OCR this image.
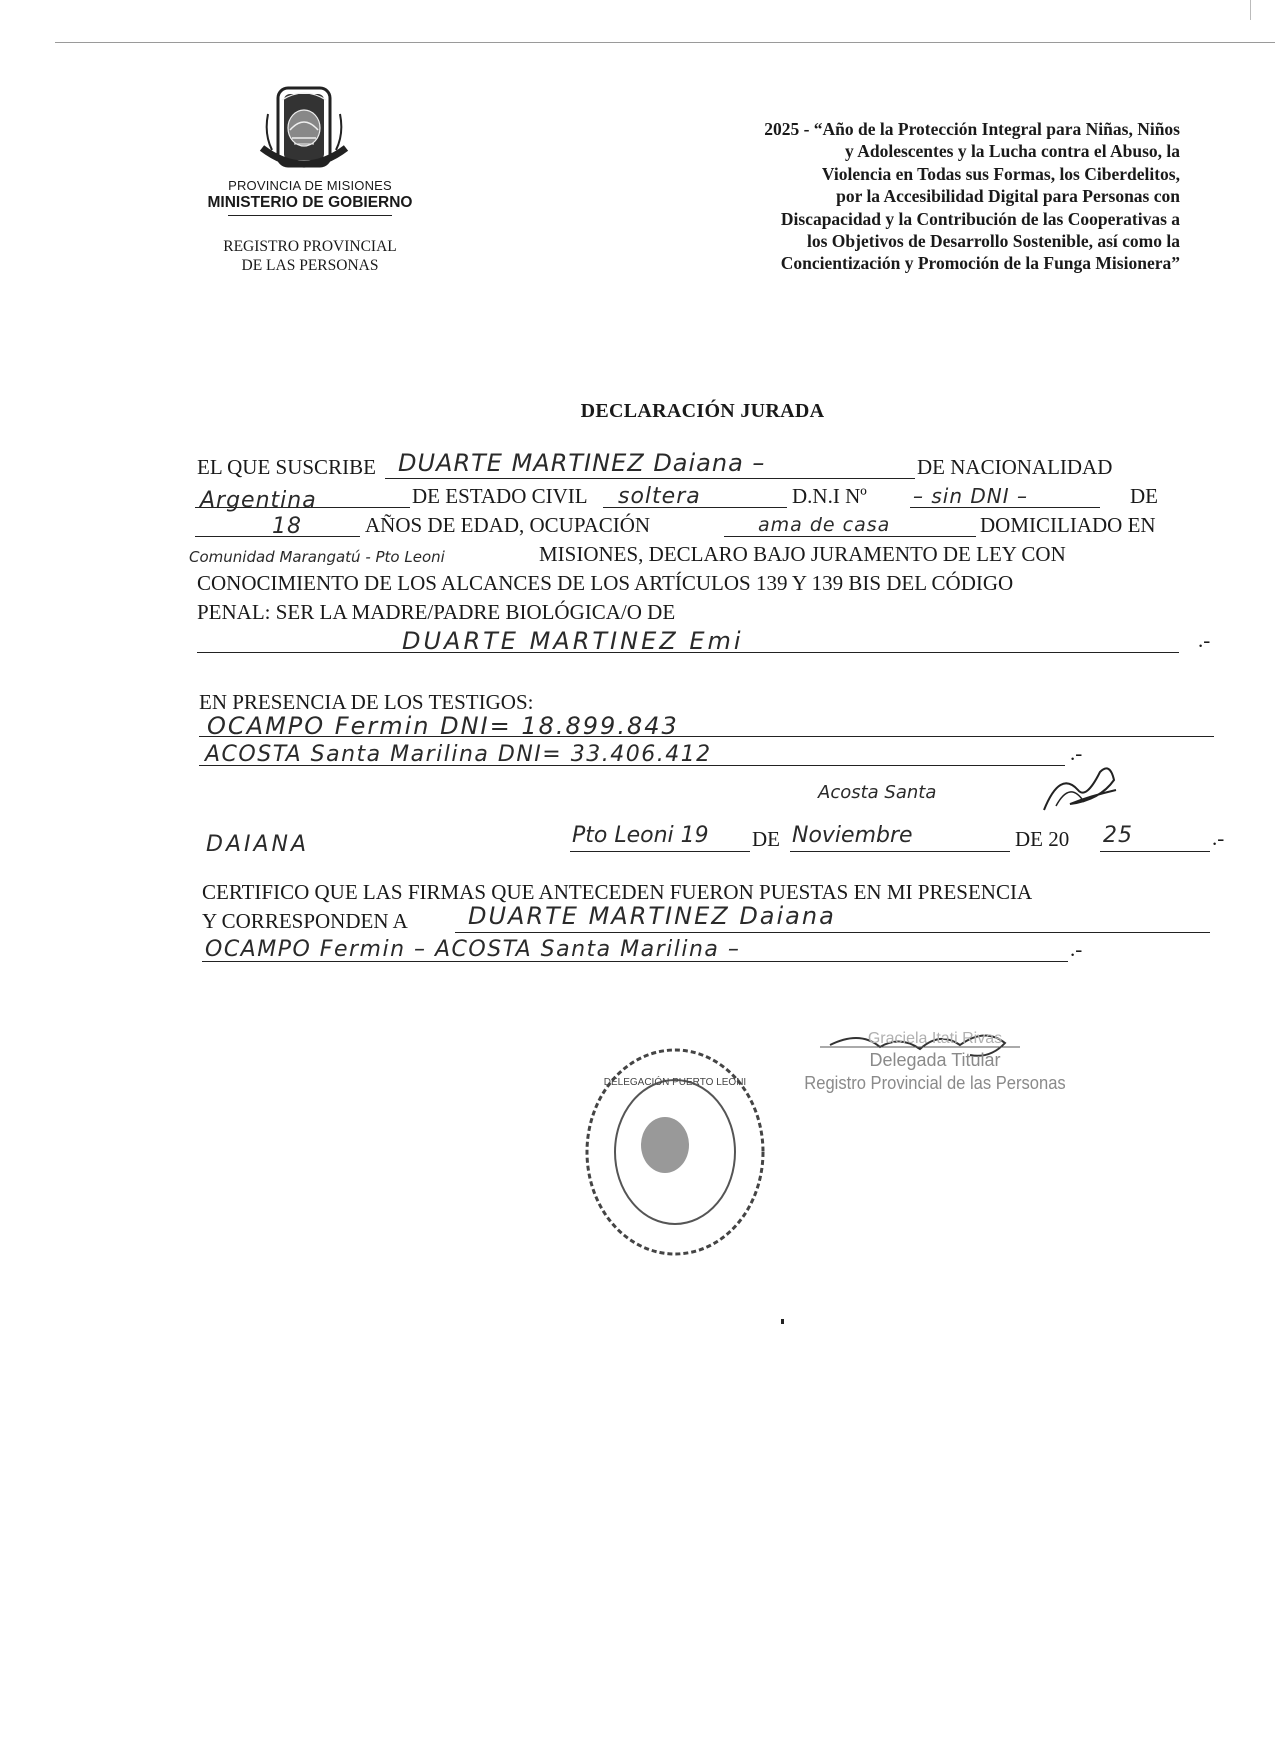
PROVINCIA DE MISIONES
MINISTERIO DE GOBIERNO
REGISTRO PROVINCIAL
DE LAS PERSONAS
2025 - “Año de la Protección Integral para Niñas, Niños
y Adolescentes y la Lucha contra el Abuso, la
Violencia en Todas sus Formas, los Ciberdelitos,
por la Accesibilidad Digital para Personas con
Discapacidad y la Contribución de las Cooperativas a
los Objetivos de Desarrollo Sostenible, así como la
Concientización y Promoción de la Funga Misionera”
DECLARACIÓN JURADA
EL QUE SUSCRIBE DUARTE MARTINEZ Daiana –	DE NACIONALIDAD
Argentina	DE ESTADO CIVIL soltera	D.N.I Nº – sin DNI –	DE
18	AÑOS DE EDAD, OCUPACIÓN	ama de casa	DOMICILIADO EN
Comunidad Marangatú - Pto Leoni	MISIONES, DECLARO BAJO JURAMENTO DE LEY CON
CONOCIMIENTO DE LOS ALCANCES DE LOS ARTÍCULOS 139 Y 139 BIS DEL CÓDIGO
PENAL: SER LA MADRE/PADRE BIOLÓGICA/O DE
DUARTE MARTINEZ Emi	.-
EN PRESENCIA DE LOS TESTIGOS:
OCAMPO Fermin DNI= 18.899.843
ACOSTA Santa Marilina DNI= 33.406.412	.-
Acosta Santa
DAIANA	Pto Leoni 19 DE Noviembre	DE 20 25	.-
CERTIFICO QUE LAS FIRMAS QUE ANTECEDEN FUERON PUESTAS EN MI PRESENCIA
Y CORRESPONDEN A	DUARTE MARTINEZ Daiana
OCAMPO Fermin – ACOSTA Santa Marilina –	.-
DELEGACIÓN PUERTO LEONI
Graciela Itati Rivas
Delegada Titular
Registro Provincial de las Personas
